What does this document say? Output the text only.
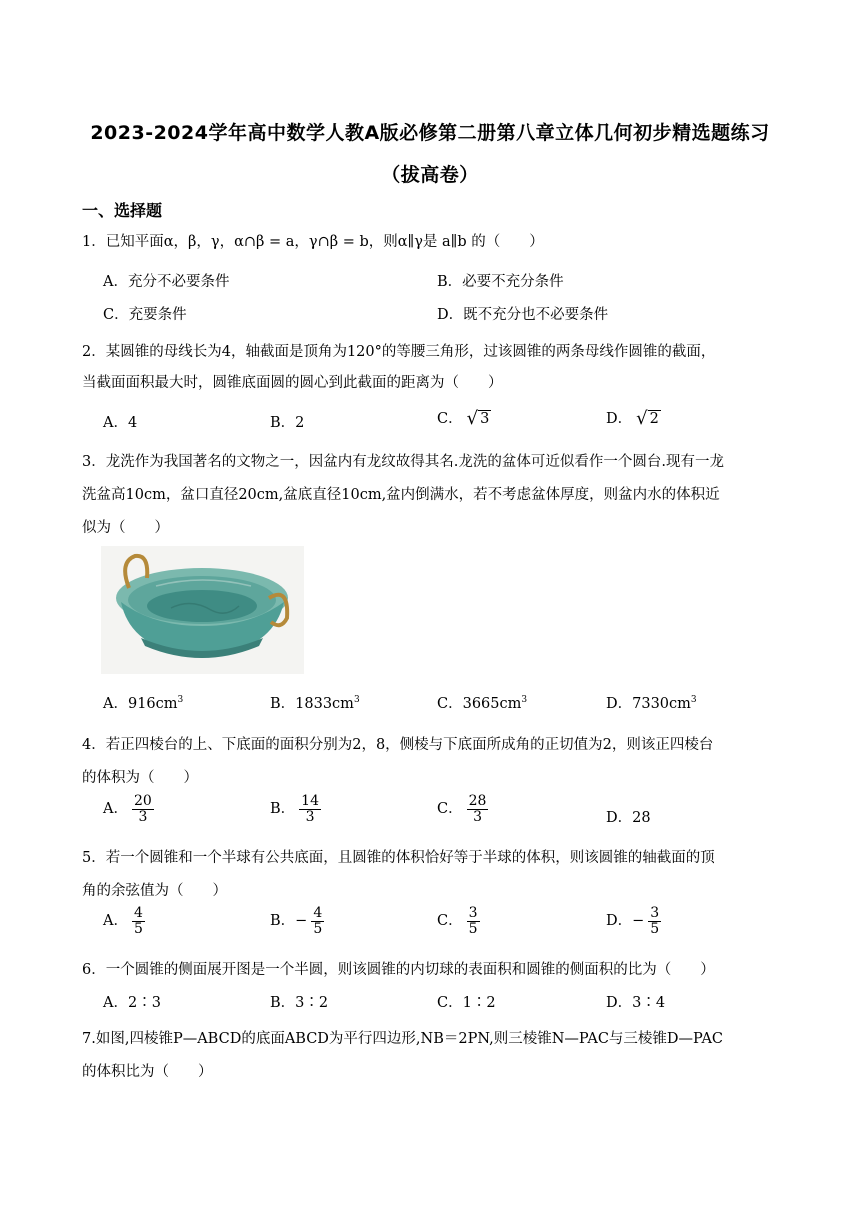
2023-2024学年高中数学人教A版必修第二册第八章立体几何初步精选题练习
（拔高卷）
一、选择题
1．已知平面α，β，γ，α∩β = a，γ∩β = b，则α∥γ是 a∥b 的（　　）
A．充分不必要条件	B．必要不充分条件
C．充要条件	D．既不充分也不必要条件
2．某圆锥的母线长为4，轴截面是顶角为120°的等腰三角形，过该圆锥的两条母线作圆锥的截面，
当截面面积最大时，圆锥底面圆的圆心到此截面的距离为（　　）
A．4	B．2	C． √ 3	D． √ 2
3．龙洗作为我国著名的文物之一，因盆内有龙纹故得其名.龙洗的盆体可近似看作一个圆台.现有一龙
洗盆高10cm，盆口直径20cm,盆底直径10cm,盆内倒满水，若不考虑盆体厚度，则盆内水的体积近
似为（　　）
A．$916cm^3$	B．$1833cm^3$	C．$3665cm^3$	D．$7330cm^3$
4．若正四棱台的上、下底面的面积分别为2，8，侧棱与下底面所成角的正切值为2，则该正四棱台
的体积为（　　）
A． $\frac{20}{3}$	B． $\frac{14}{3}$	C． $\frac{28}{3}$	D．28
5．若一个圆锥和一个半球有公共底面，且圆锥的体积恰好等于半球的体积，则该圆锥的轴截面的顶
角的余弦值为（　　）
A． $\frac{4}{5}$	B．− $\frac{4}{5}$	C． $\frac{3}{5}$	D．− $\frac{3}{5}$
6．一个圆锥的侧面展开图是一个半圆，则该圆锥的内切球的表面积和圆锥的侧面积的比为（　　）
A．2∶3	B．3∶2	C．1∶2	D．3∶4
7.如图,四棱锥P—ABCD的底面ABCD为平行四边形,NB＝2PN,则三棱锥N—PAC与三棱锥D—PAC
的体积比为（　　）
